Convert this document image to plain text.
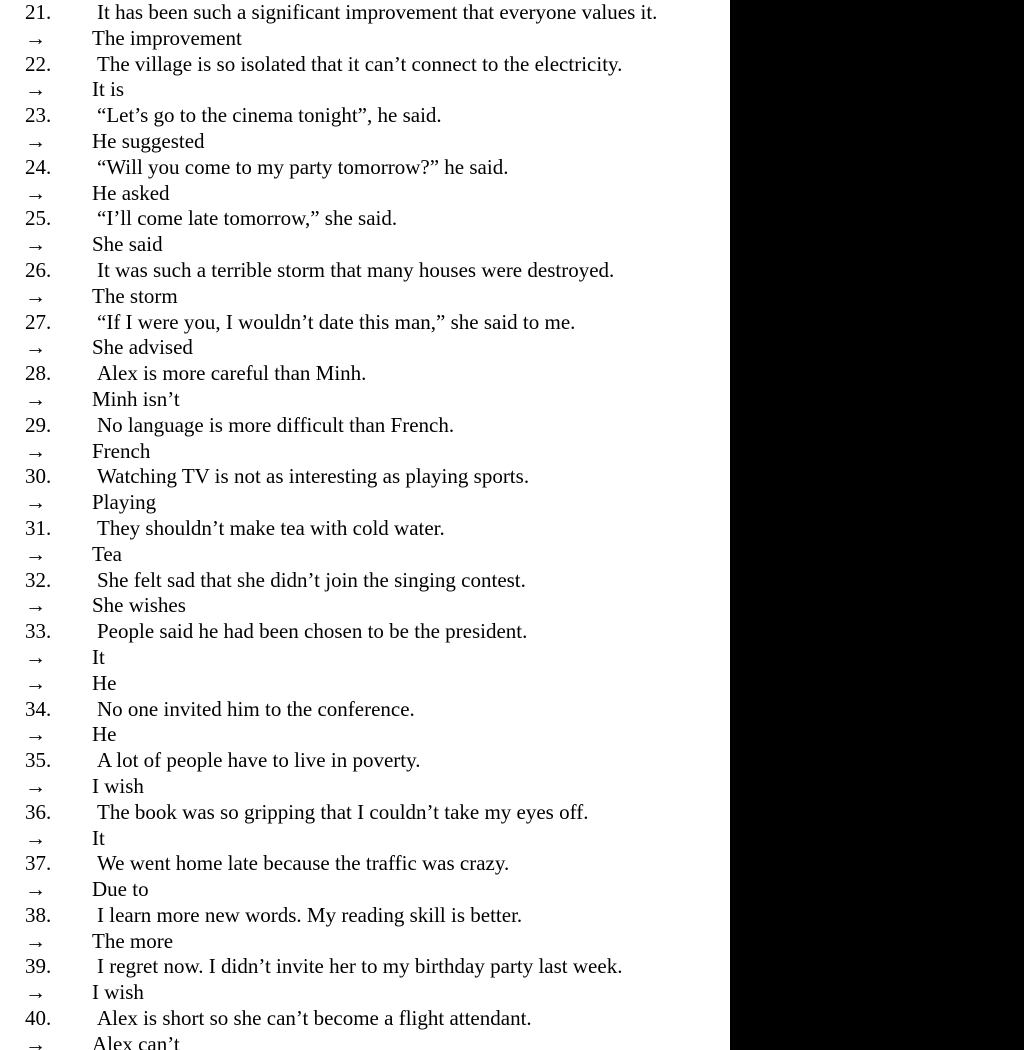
21. It has been such a significant improvement that everyone values it.
→ The improvement
22. The village is so isolated that it can’t connect to the electricity.
→ It is
23. “Let’s go to the cinema tonight”, he said.
→ He suggested
24. “Will you come to my party tomorrow?” he said.
→ He asked
25. “I’ll come late tomorrow,” she said.
→ She said
26. It was such a terrible storm that many houses were destroyed.
→ The storm
27. “If I were you, I wouldn’t date this man,” she said to me.
→ She advised
28. Alex is more careful than Minh.
→ Minh isn’t
29. No language is more difficult than French.
→ French
30. Watching TV is not as interesting as playing sports.
→ Playing
31. They shouldn’t make tea with cold water.
→ Tea
32. She felt sad that she didn’t join the singing contest.
→ She wishes
33. People said he had been chosen to be the president.
→ It
→ He
34. No one invited him to the conference.
→ He
35. A lot of people have to live in poverty.
→ I wish
36. The book was so gripping that I couldn’t take my eyes off.
→ It
37. We went home late because the traffic was crazy.
→ Due to
38. I learn more new words. My reading skill is better.
→ The more
39. I regret now. I didn’t invite her to my birthday party last week.
→ I wish
40. Alex is short so she can’t become a flight attendant.
→ Alex can’t
